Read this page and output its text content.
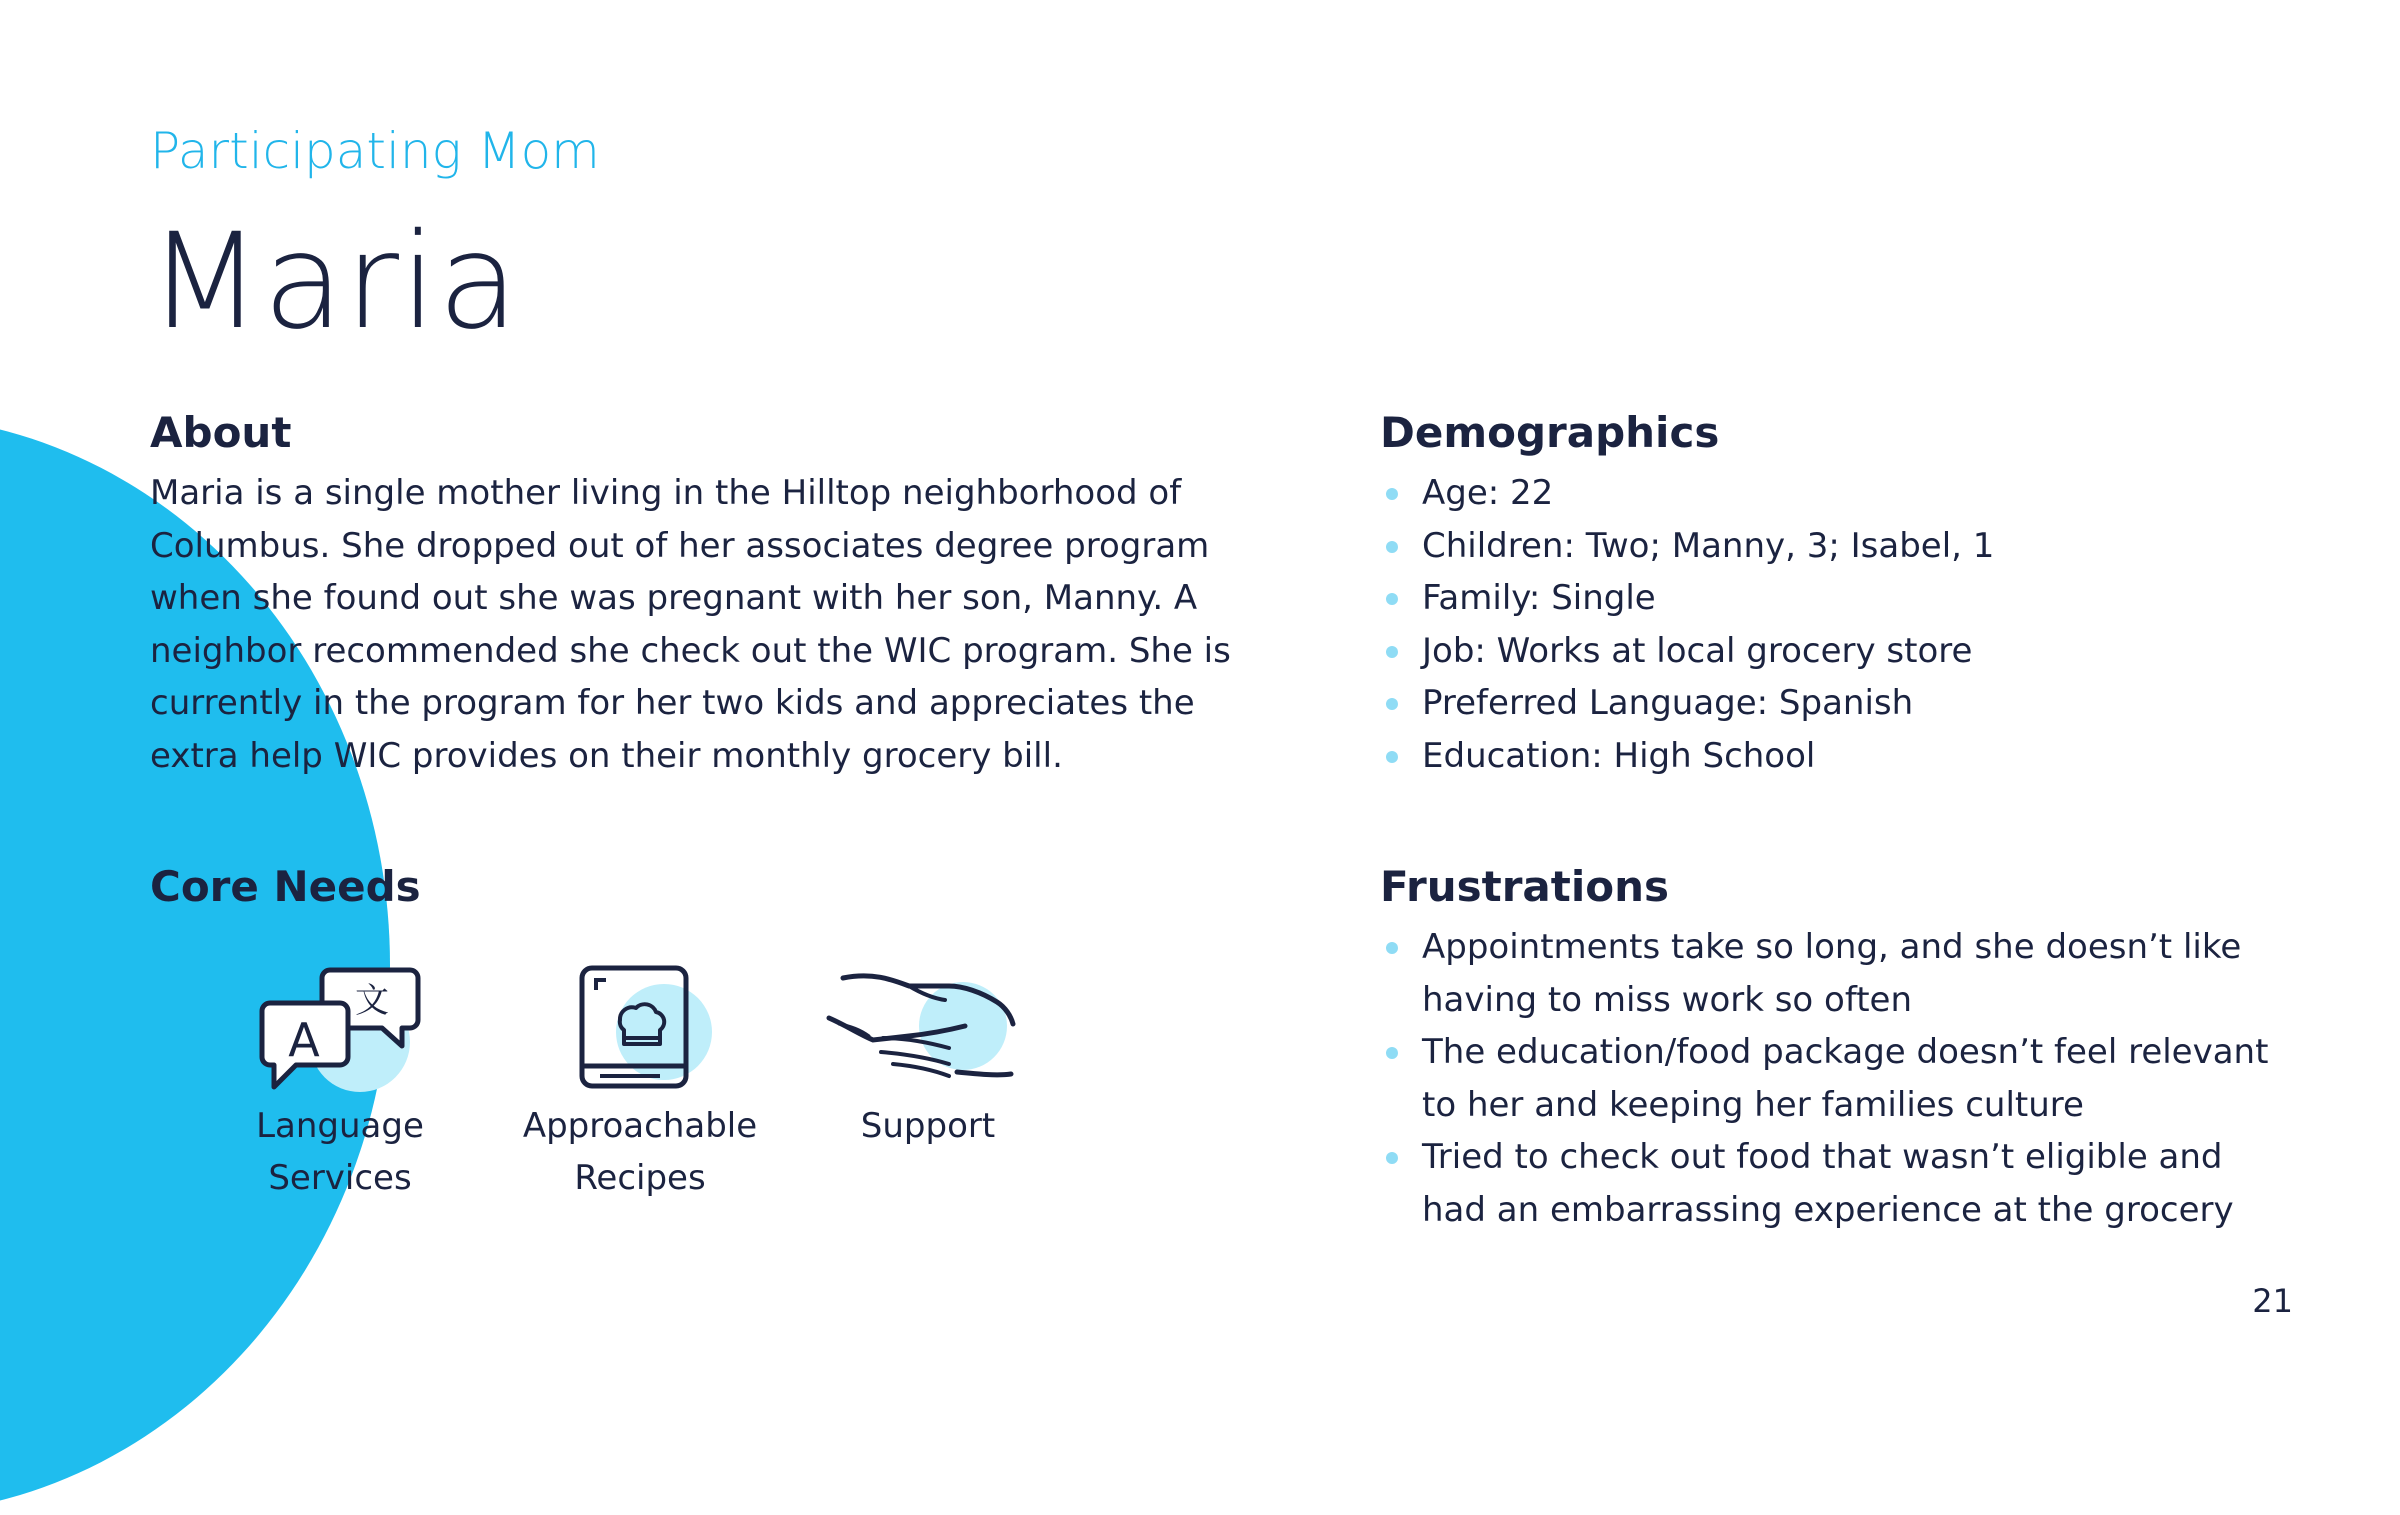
Participating Mom
Maria
About
Maria is a single mother living in the Hilltop neighborhood of Columbus. She dropped out of her associates degree program when she found out she was pregnant with her son, Manny. A neighbor recommended she check out the WIC program. She is currently in the program for her two kids and appreciates the extra help WIC provides on their monthly grocery bill.
Demographics
Age: 22
Children: Two; Manny, 3; Isabel, 1
Family: Single
Job: Works at local grocery store
Preferred Language: Spanish
Education: High School
Core Needs
A
文
Language
Services
Approachable
Recipes
Support
Frustrations
Appointments take so long, and she doesn’t like having to miss work so often
The education/food package doesn’t feel relevant to her and keeping her families culture
Tried to check out food that wasn’t eligible and had an embarrassing experience at the grocery
21
